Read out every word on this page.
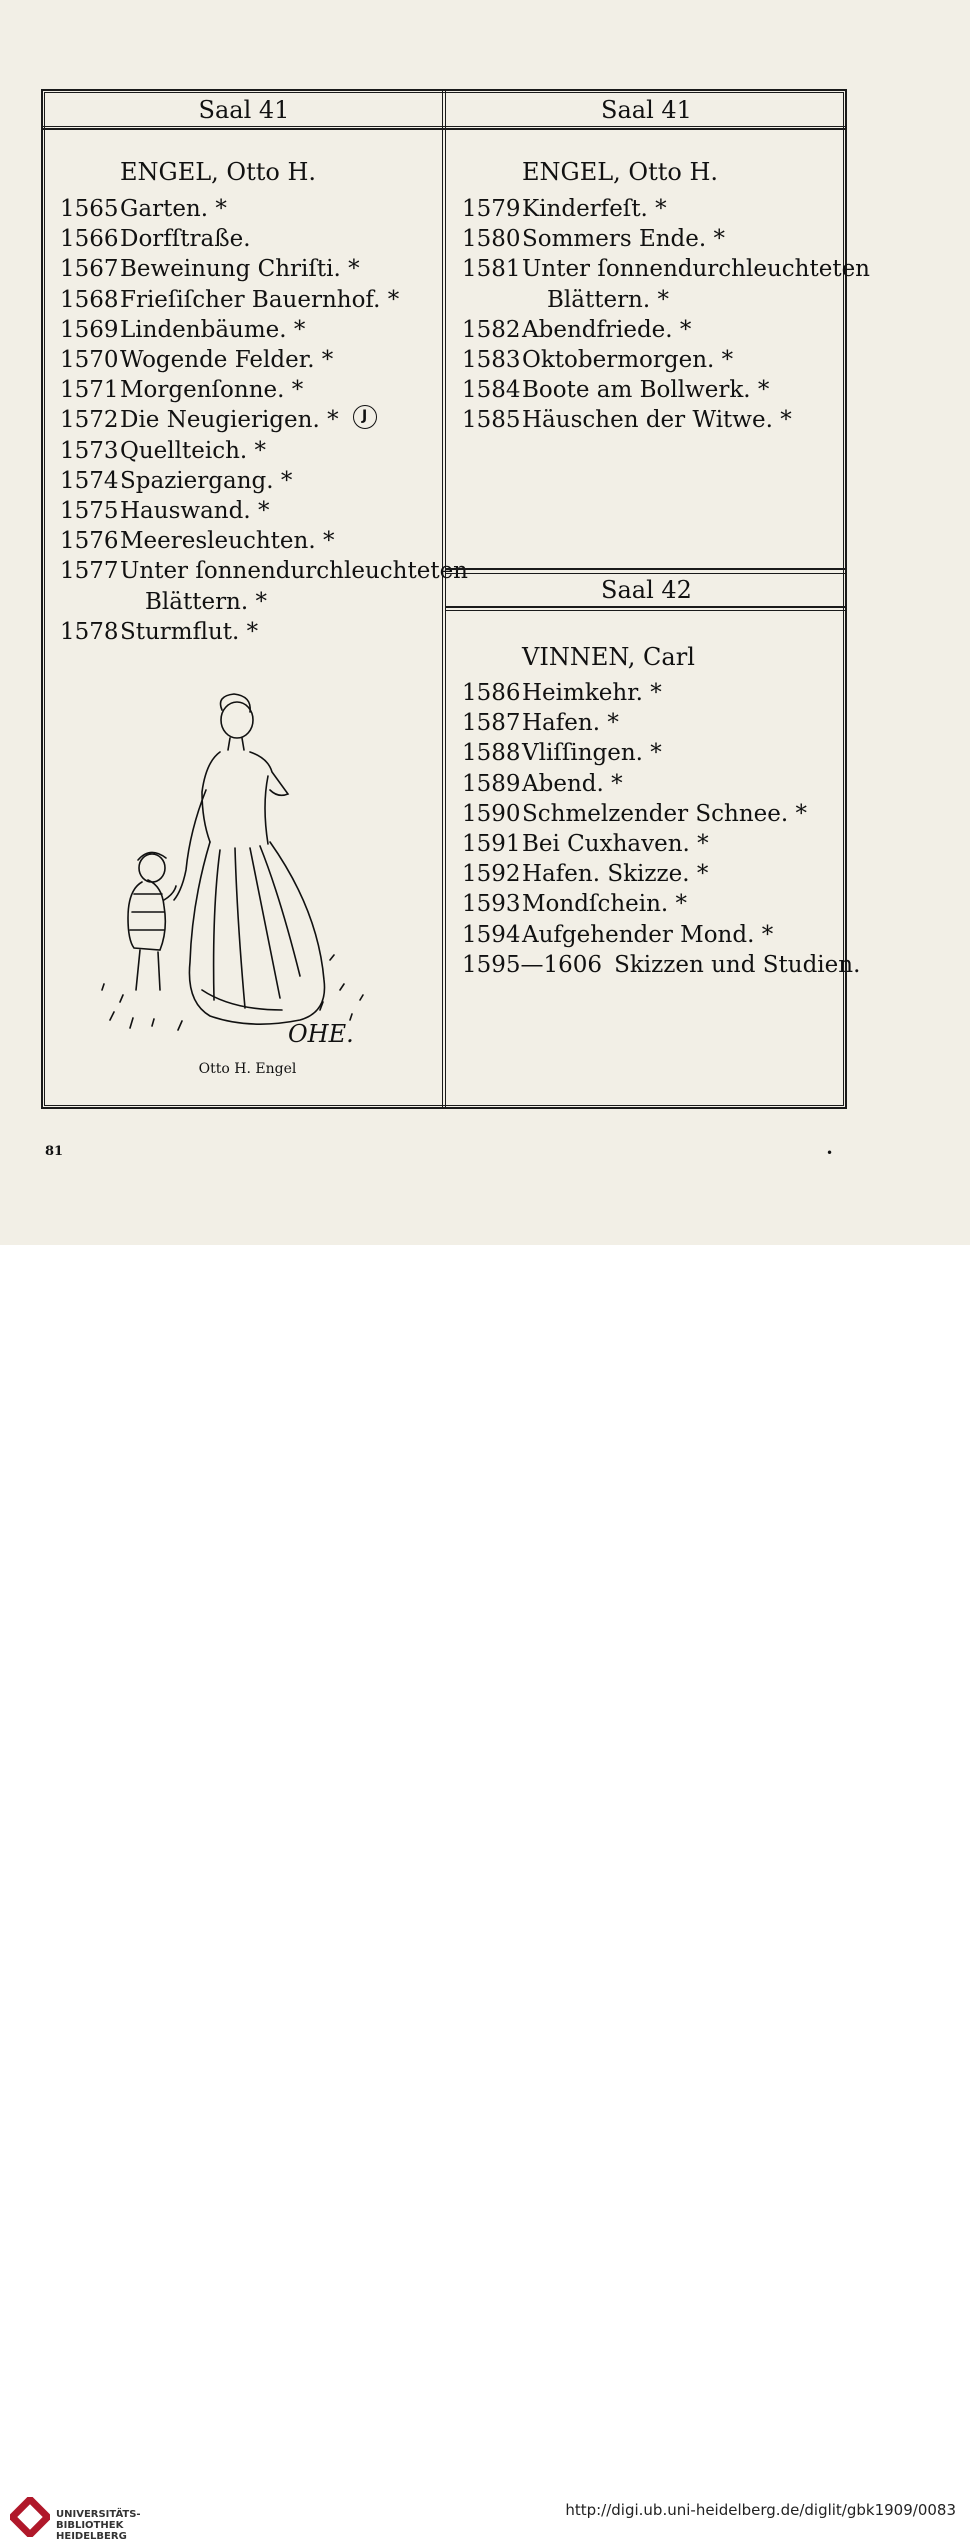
Saal 41
ENGEL, Otto H.
1565 Garten. *
1566 Dorfſtraße.
1567 Beweinung Chriſti. *
1568 Frieſiſcher Bauernhof. *
1569 Lindenbäume. *
1570 Wogende Felder. *
1571 Morgenſonne. *
1572 Die Neugierigen. *	J
1573 Quellteich. *
1574 Spaziergang. *
1575 Hauswand. *
1576 Meeresleuchten. *
1577 Unter ſonnendurchleuchteten
Blättern. *
1578 Sturmflut. *
OHE.
Otto H. Engel
Saal 41
ENGEL, Otto H.
1579 Kinderfeſt. *
1580 Sommers Ende. *
1581 Unter ſonnendurchleuchteten
Blättern. *
1582 Abendfriede. *
1583 Oktobermorgen. *
1584 Boote am Bollwerk. *
1585 Häuschen der Witwe. *
Saal 42
VINNEN, Carl
1586 Heimkehr. *
1587 Hafen. *
1588 Vliſſingen. *
1589 Abend. *
1590 Schmelzender Schnee. *
1591 Bei Cuxhaven. *
1592 Hafen. Skizze. *
1593 Mondſchein. *
1594 Aufgehender Mond. *
1595—1606 Skizzen und Studien.
81	•
UNIVERSITÄTS-
BIBLIOTHEK
HEIDELBERG
http://digi.ub.uni-heidelberg.de/diglit/gbk1909/0083
